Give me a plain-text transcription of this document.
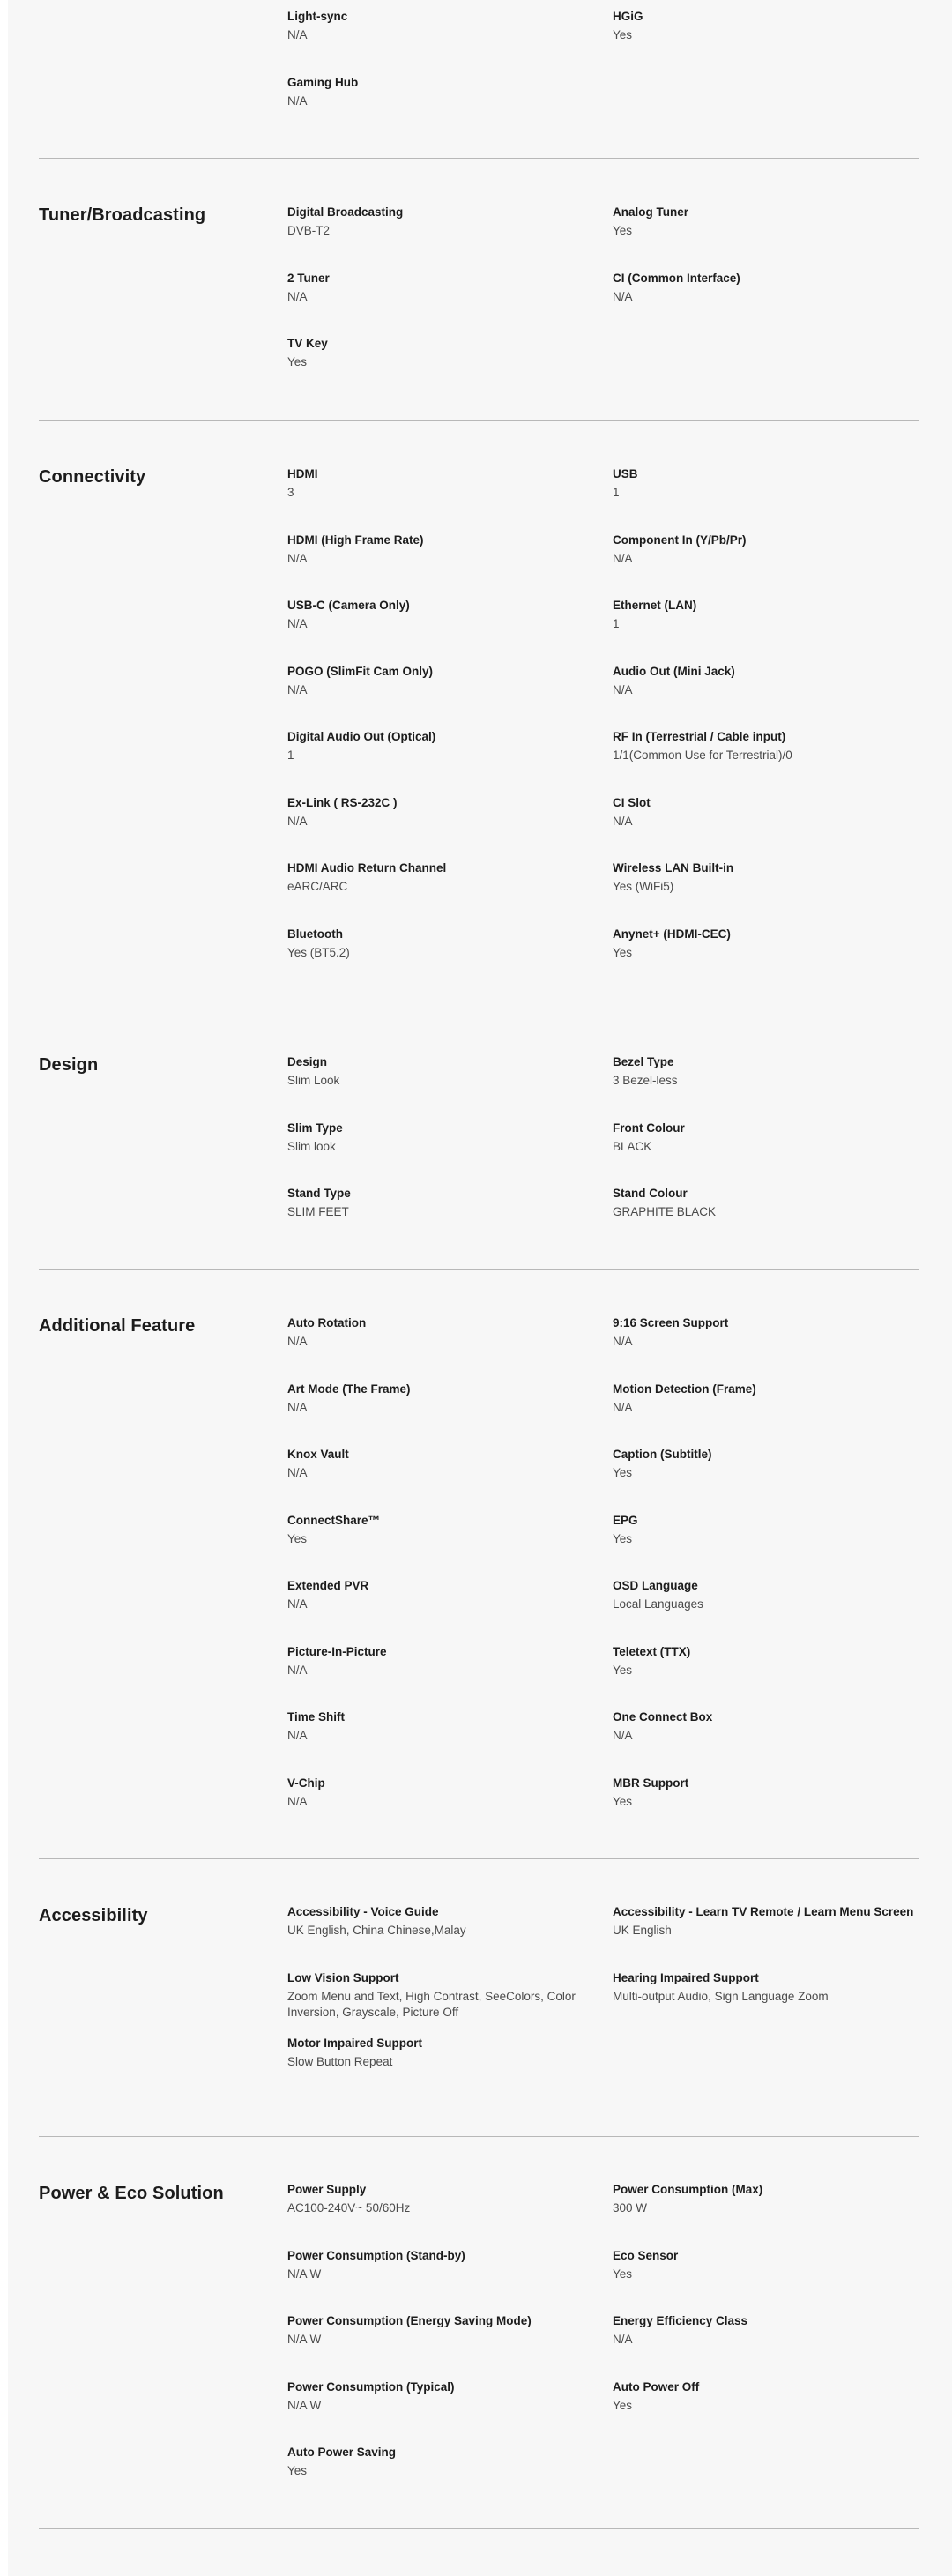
Light-sync
N/A
HGiG
Yes
Gaming Hub
N/A
Tuner/Broadcasting	Digital Broadcasting
DVB-T2
Analog Tuner
Yes
2 Tuner
N/A
CI (Common Interface)
N/A
TV Key
Yes
Connectivity	HDMI
3
USB
1
HDMI (High Frame Rate)
N/A
Component In (Y/Pb/Pr)
N/A
USB-C (Camera Only)
N/A
Ethernet (LAN)
1
POGO (SlimFit Cam Only)
N/A
Audio Out (Mini Jack)
N/A
Digital Audio Out (Optical)
1
RF In (Terrestrial / Cable input)
1/1(Common Use for Terrestrial)/0
Ex-Link ( RS-232C )
N/A
CI Slot
N/A
HDMI Audio Return Channel
eARC/ARC
Wireless LAN Built-in
Yes (WiFi5)
Bluetooth
Yes (BT5.2)
Anynet+ (HDMI-CEC)
Yes
Design	Design
Slim Look
Bezel Type
3 Bezel-less
Slim Type
Slim look
Front Colour
BLACK
Stand Type
SLIM FEET
Stand Colour
GRAPHITE BLACK
Additional Feature	Auto Rotation
N/A
9:16 Screen Support
N/A
Art Mode (The Frame)
N/A
Motion Detection (Frame)
N/A
Knox Vault
N/A
Caption (Subtitle)
Yes
ConnectShare™
Yes
EPG
Yes
Extended PVR
N/A
OSD Language
Local Languages
Picture-In-Picture
N/A
Teletext (TTX)
Yes
Time Shift
N/A
One Connect Box
N/A
V-Chip
N/A
MBR Support
Yes
Accessibility	Accessibility - Voice Guide
UK English, China Chinese,Malay
Accessibility - Learn TV Remote / Learn Menu Screen
UK English
Low Vision Support
Zoom Menu and Text, High Contrast, SeeColors, Color Inversion, Grayscale, Picture Off
Hearing Impaired Support
Multi-output Audio, Sign Language Zoom
Motor Impaired Support
Slow Button Repeat
Power & Eco Solution	Power Supply
AC100-240V~ 50/60Hz
Power Consumption (Max)
300 W
Power Consumption (Stand-by)
N/A W
Eco Sensor
Yes
Power Consumption (Energy Saving Mode)
N/A W
Energy Efficiency Class
N/A
Power Consumption (Typical)
N/A W
Auto Power Off
Yes
Auto Power Saving
Yes
